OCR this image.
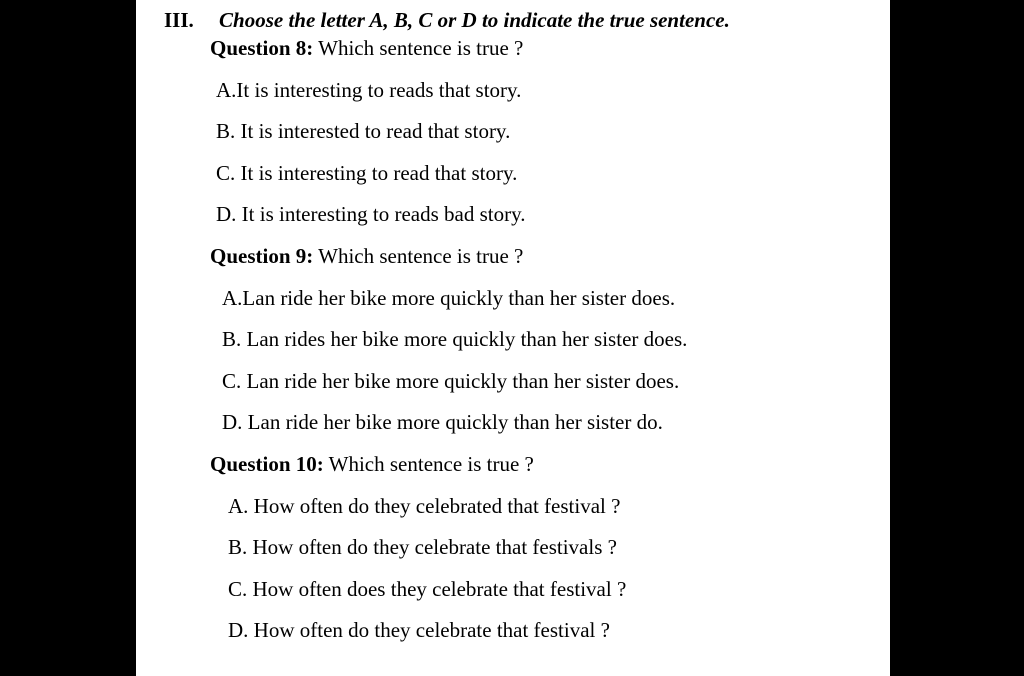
III. Choose the letter A, B, C or D to indicate the true sentence.
Question 8: Which sentence is true ?
A.It is interesting to reads that story.
B. It is interested to read that story.
C. It is interesting to read that story.
D. It is interesting to reads bad story.
Question 9: Which sentence is true ?
A.Lan ride her bike more quickly than her sister does.
B. Lan rides her bike more quickly than her sister does.
C. Lan ride her bike more quickly than her sister does.
D. Lan ride her bike more quickly than her sister do.
Question 10: Which sentence is true ?
A. How often do they celebrated that festival ?
B. How often do they celebrate that festivals ?
C. How often does they celebrate that festival ?
D. How often do they celebrate that festival ?
